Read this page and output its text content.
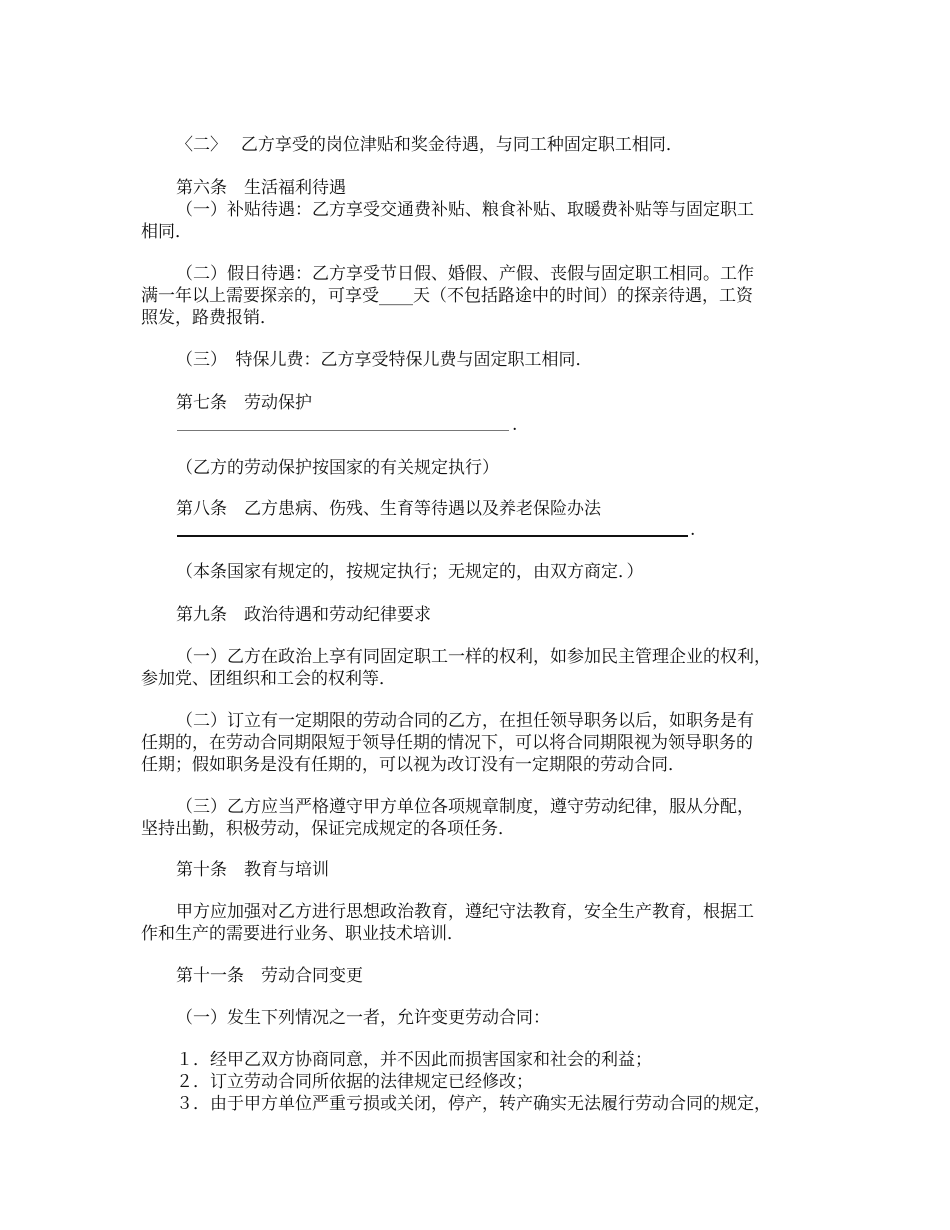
〈二〉　 乙方享受的岗位津贴和奖金待遇，与同工种固定职工相同．
第六条　生活福利待遇
（一）补贴待遇：乙方享受交通费补贴、粮食补贴、取暖费补贴等与固定职工
相同．
（二）假日待遇：乙方享受节日假、婚假、产假、丧假与固定职工相同。工作
满一年以上需要探亲的，可享受____天（不包括路途中的时间）的探亲待遇，工资
照发，路费报销．
（三）　特保儿费：乙方享受特保儿费与固定职工相同．
第七条　劳动保护
.
（乙方的劳动保护按国家的有关规定执行）
第八条　乙方患病、伤残、生育等待遇以及养老保险办法
.
（本条国家有规定的，按规定执行；无规定的，由双方商定．）
第九条　政治待遇和劳动纪律要求
（一）乙方在政治上享有同固定职工一样的权利，如参加民主管理企业的权利，
参加党、团组织和工会的权利等．
（二）订立有一定期限的劳动合同的乙方，在担任领导职务以后，如职务是有
任期的，在劳动合同期限短于领导任期的情况下，可以将合同期限视为领导职务的
任期；假如职务是没有任期的，可以视为改订没有一定期限的劳动合同．
（三）乙方应当严格遵守甲方单位各项规章制度，遵守劳动纪律，服从分配，
坚持出勤，积极劳动，保证完成规定的各项任务．
第十条　教育与培训
甲方应加强对乙方进行思想政治教育，遵纪守法教育，安全生产教育，根据工
作和生产的需要进行业务、职业技术培训．
第十一条　劳动合同变更
（一）发生下列情况之一者，允许变更劳动合同：
１．经甲乙双方协商同意，并不因此而损害国家和社会的利益；
２．订立劳动合同所依据的法律规定已经修改；
３．由于甲方单位严重亏损或关闭，停产，转产确实无法履行劳动合同的规定，
